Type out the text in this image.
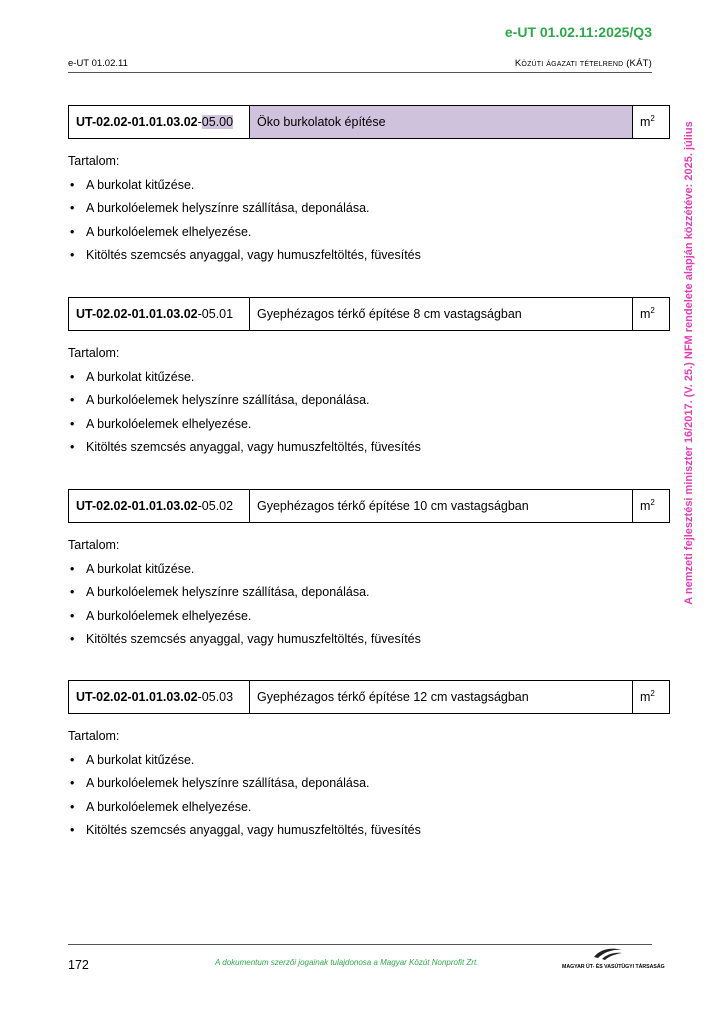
e-UT 01.02.11:2025/Q3
e-UT 01.02.11	Közúti ágazati tételrend (KÁT)
A nemzeti fejlesztési miniszter 16/2017. (V. 25.) NFM rendelete alapján közzétéve: 2025. július
UT-02.02-01.01.03.02-05.00	Öko burkolatok építése	$m^2$
Tartalom:
• A burkolat kitűzése.
• A burkolóelemek helyszínre szállítása, deponálása.
• A burkolóelemek elhelyezése.
• Kitöltés szemcsés anyaggal, vagy humuszfeltöltés, füvesítés
UT-02.02-01.01.03.02-05.01	Gyephézagos térkő építése 8 cm vastagságban	$m^2$
Tartalom:
• A burkolat kitűzése.
• A burkolóelemek helyszínre szállítása, deponálása.
• A burkolóelemek elhelyezése.
• Kitöltés szemcsés anyaggal, vagy humuszfeltöltés, füvesítés
UT-02.02-01.01.03.02-05.02	Gyephézagos térkő építése 10 cm vastagságban	$m^2$
Tartalom:
• A burkolat kitűzése.
• A burkolóelemek helyszínre szállítása, deponálása.
• A burkolóelemek elhelyezése.
• Kitöltés szemcsés anyaggal, vagy humuszfeltöltés, füvesítés
UT-02.02-01.01.03.02-05.03	Gyephézagos térkő építése 12 cm vastagságban	$m^2$
Tartalom:
• A burkolat kitűzése.
• A burkolóelemek helyszínre szállítása, deponálása.
• A burkolóelemek elhelyezése.
• Kitöltés szemcsés anyaggal, vagy humuszfeltöltés, füvesítés
172	A dokumentum szerzői jogainak tulajdonosa a Magyar Közút Nonprofit Zrt.	MAGYAR ÚT- ÉS VASÚTÜGYI TÁRSASÁG
